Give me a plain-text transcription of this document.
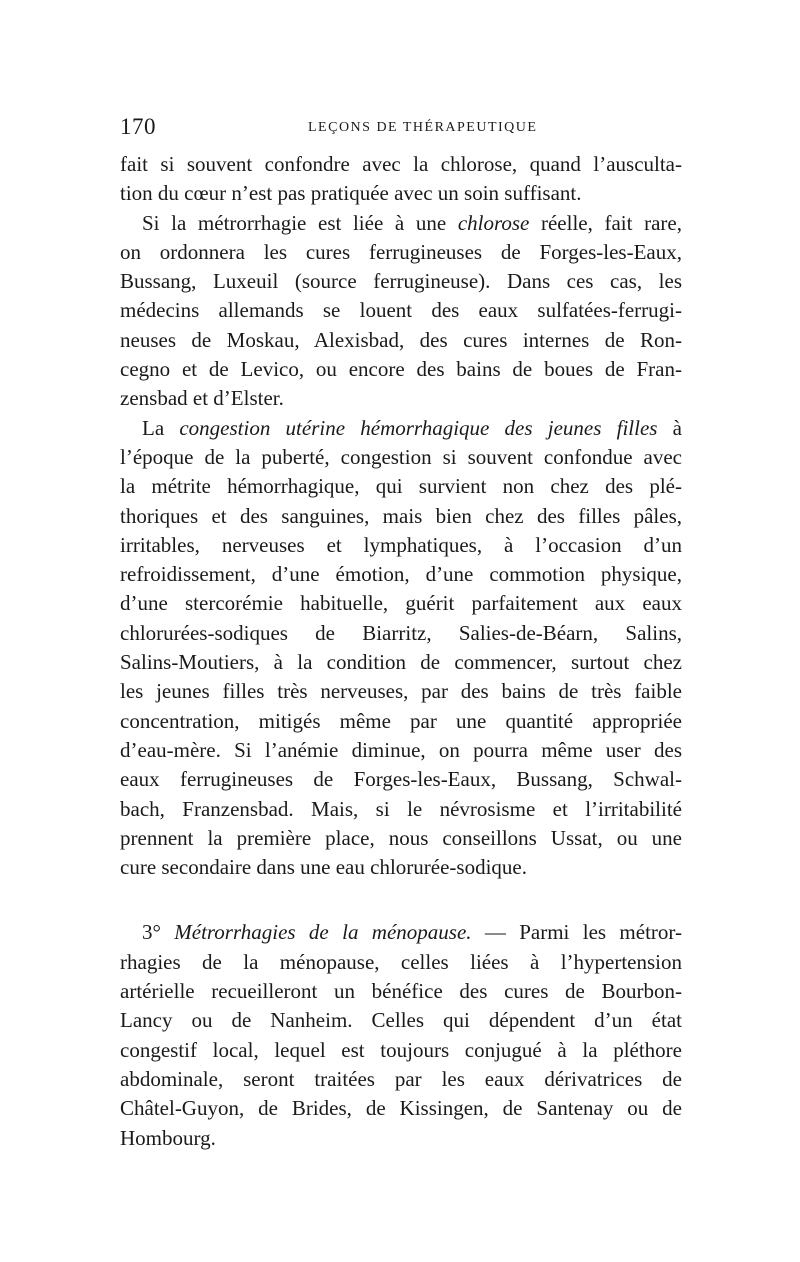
170	LEÇONS DE THÉRAPEUTIQUE
fait si souvent confondre avec la chlorose, quand l’ausculta-
tion du cœur n’est pas pratiquée avec un soin suffisant.
Si la métrorrhagie est liée à une chlorose réelle, fait rare,
on ordonnera les cures ferrugineuses de Forges-les-Eaux,
Bussang, Luxeuil (source ferrugineuse). Dans ces cas, les
médecins allemands se louent des eaux sulfatées-ferrugi-
neuses de Moskau, Alexisbad, des cures internes de Ron-
cegno et de Levico, ou encore des bains de boues de Fran-
zensbad et d’Elster.
La congestion utérine hémorrhagique des jeunes filles à
l’époque de la puberté, congestion si souvent confondue avec
la métrite hémorrhagique, qui survient non chez des plé-
thoriques et des sanguines, mais bien chez des filles pâles,
irritables, nerveuses et lymphatiques, à l’occasion d’un
refroidissement, d’une émotion, d’une commotion physique,
d’une stercorémie habituelle, guérit parfaitement aux eaux
chlorurées-sodiques de Biarritz, Salies-de-Béarn, Salins,
Salins-Moutiers, à la condition de commencer, surtout chez
les jeunes filles très nerveuses, par des bains de très faible
concentration, mitigés même par une quantité appropriée
d’eau-mère. Si l’anémie diminue, on pourra même user des
eaux ferrugineuses de Forges-les-Eaux, Bussang, Schwal-
bach, Franzensbad. Mais, si le névrosisme et l’irritabilité
prennent la première place, nous conseillons Ussat, ou une
cure secondaire dans une eau chlorurée-sodique.
3° Métrorrhagies de la ménopause. — Parmi les métror-
rhagies de la ménopause, celles liées à l’hypertension
artérielle recueilleront un bénéfice des cures de Bourbon-
Lancy ou de Nanheim. Celles qui dépendent d’un état
congestif local, lequel est toujours conjugué à la pléthore
abdominale, seront traitées par les eaux dérivatrices de
Châtel-Guyon, de Brides, de Kissingen, de Santenay ou de
Hombourg.
